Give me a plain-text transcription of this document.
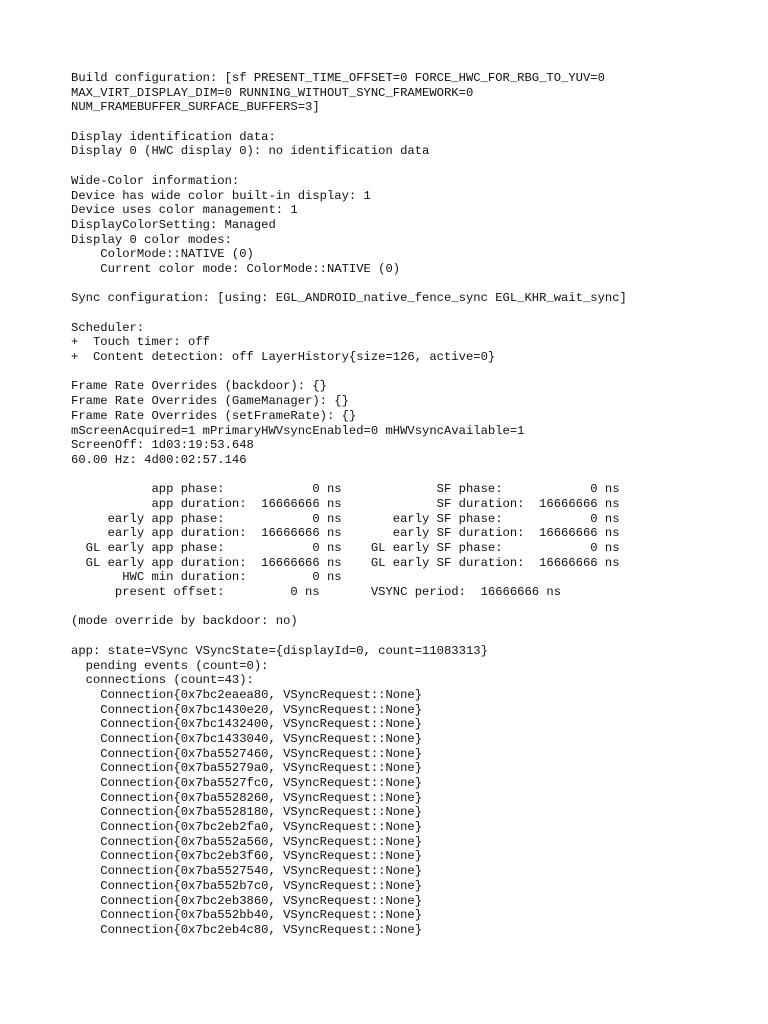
Build configuration: [sf PRESENT_TIME_OFFSET=0 FORCE_HWC_FOR_RBG_TO_YUV=0
MAX_VIRT_DISPLAY_DIM=0 RUNNING_WITHOUT_SYNC_FRAMEWORK=0
NUM_FRAMEBUFFER_SURFACE_BUFFERS=3]
Display identification data:
Display 0 (HWC display 0): no identification data
Wide-Color information:
Device has wide color built-in display: 1
Device uses color management: 1
DisplayColorSetting: Managed
Display 0 color modes:
ColorMode::NATIVE (0)
Current color mode: ColorMode::NATIVE (0)
Sync configuration: [using: EGL_ANDROID_native_fence_sync EGL_KHR_wait_sync]
Scheduler:
+  Touch timer: off
+  Content detection: off LayerHistory{size=126, active=0}
Frame Rate Overrides (backdoor): {}
Frame Rate Overrides (GameManager): {}
Frame Rate Overrides (setFrameRate): {}
mScreenAcquired=1 mPrimaryHWVsyncEnabled=0 mHWVsyncAvailable=1
ScreenOff: 1d03:19:53.648
60.00 Hz: 4d00:02:57.146
app phase:            0 ns             SF phase:            0 ns
app duration:  16666666 ns             SF duration:  16666666 ns
early app phase:            0 ns       early SF phase:            0 ns
early app duration:  16666666 ns       early SF duration:  16666666 ns
GL early app phase:            0 ns    GL early SF phase:            0 ns
GL early app duration:  16666666 ns    GL early SF duration:  16666666 ns
HWC min duration:         0 ns
present offset:         0 ns       VSYNC period:  16666666 ns
(mode override by backdoor: no)
app: state=VSync VSyncState={displayId=0, count=11083313}
pending events (count=0):
connections (count=43):
Connection{0x7bc2eaea80, VSyncRequest::None}
Connection{0x7bc1430e20, VSyncRequest::None}
Connection{0x7bc1432400, VSyncRequest::None}
Connection{0x7bc1433040, VSyncRequest::None}
Connection{0x7ba5527460, VSyncRequest::None}
Connection{0x7ba55279a0, VSyncRequest::None}
Connection{0x7ba5527fc0, VSyncRequest::None}
Connection{0x7ba5528260, VSyncRequest::None}
Connection{0x7ba5528180, VSyncRequest::None}
Connection{0x7bc2eb2fa0, VSyncRequest::None}
Connection{0x7ba552a560, VSyncRequest::None}
Connection{0x7bc2eb3f60, VSyncRequest::None}
Connection{0x7ba5527540, VSyncRequest::None}
Connection{0x7ba552b7c0, VSyncRequest::None}
Connection{0x7bc2eb3860, VSyncRequest::None}
Connection{0x7ba552bb40, VSyncRequest::None}
Connection{0x7bc2eb4c80, VSyncRequest::None}
